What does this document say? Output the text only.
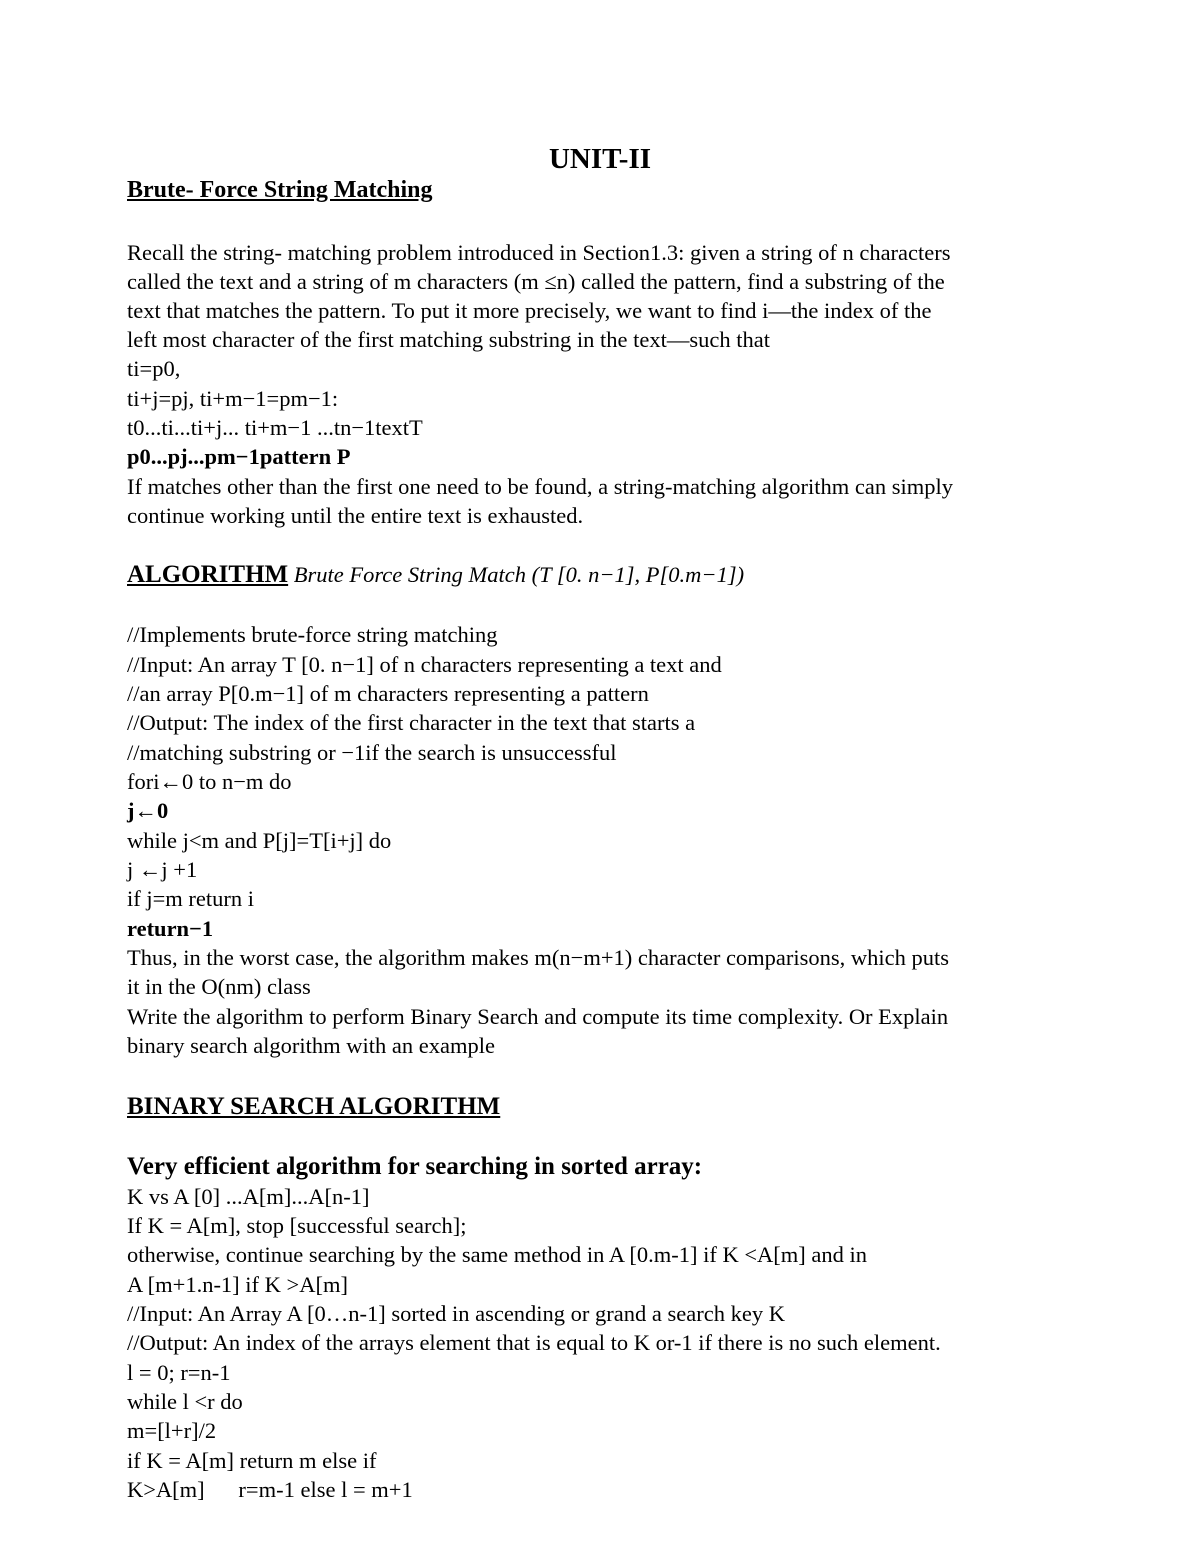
UNIT-II
Brute- Force String Matching
Recall the string- matching problem introduced in Section1.3: given a string of n characters
called the text and a string of m characters (m ≤n) called the pattern, find a substring of the
text that matches the pattern. To put it more precisely, we want to find i—the index of the
left most character of the first matching substring in the text—such that
ti=p0,
ti+j=pj, ti+m−1=pm−1:
t0...ti...ti+j... ti+m−1 ...tn−1textT
p0...pj...pm−1pattern P
If matches other than the first one need to be found, a string-matching algorithm can simply
continue working until the entire text is exhausted.
ALGORITHM Brute Force String Match (T [0. n−1], P[0.m−1])
//Implements brute-force string matching
//Input: An array T [0. n−1] of n characters representing a text and
//an array P[0.m−1] of m characters representing a pattern
//Output: The index of the first character in the text that starts a
//matching substring or −1if the search is unsuccessful
fori←0 to n−m do
j←0
while j<m and P[j]=T[i+j] do
j ←j +1
if j=m return i
return−1
Thus, in the worst case, the algorithm makes m(n−m+1) character comparisons, which puts
it in the O(nm) class
Write the algorithm to perform Binary Search and compute its time complexity. Or Explain
binary search algorithm with an example
BINARY SEARCH ALGORITHM
Very efficient algorithm for searching in sorted array:
K vs A [0] ...A[m]...A[n-1]
If K = A[m], stop [successful search];
otherwise, continue searching by the same method in A [0.m-1] if K <A[m] and in
A [m+1.n-1] if K >A[m]
//Input: An Array A [0…n-1] sorted in ascending or grand a search key K
//Output: An index of the arrays element that is equal to K or-1 if there is no such element.
l = 0; r=n-1
while l <r do
m=[l+r]/2
if K = A[m] return m else if
K>A[m]      r=m-1 else l = m+1
